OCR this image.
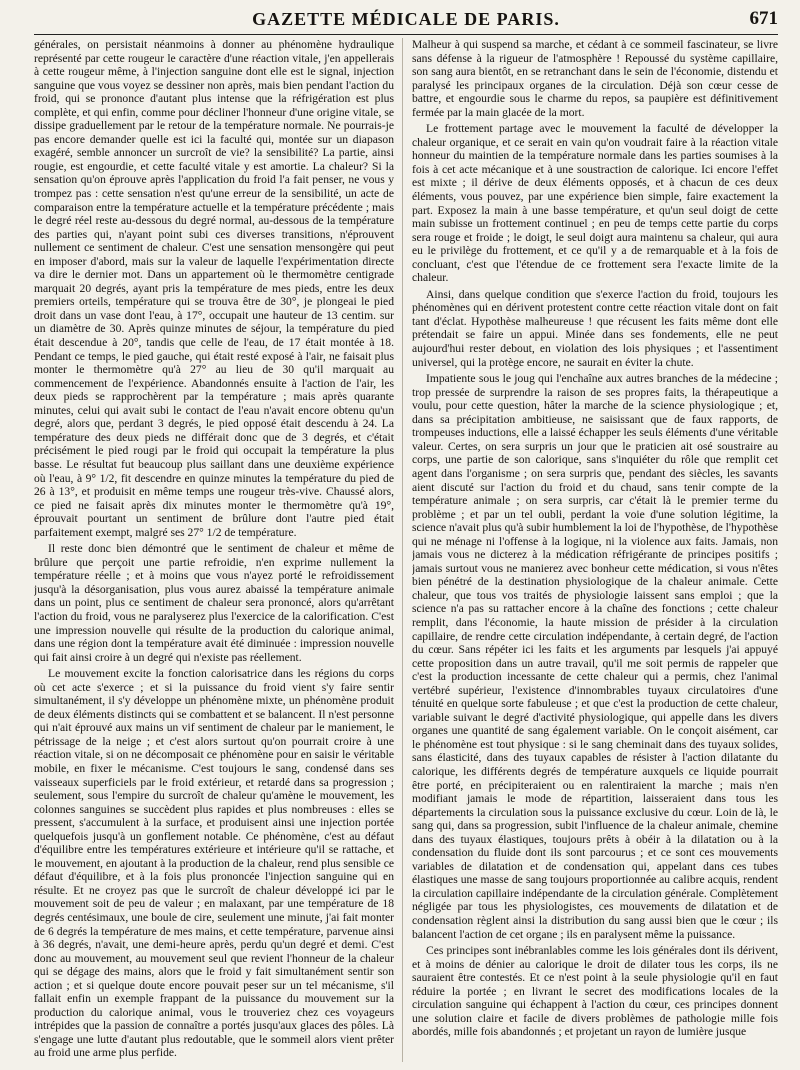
GAZETTE MÉDICALE DE PARIS.	671

générales, on persistait néanmoins à donner au phénomène hydraulique représenté par cette rougeur le caractère d'une réaction vitale, j'en appellerais à cette rougeur même, à l'injection sanguine dont elle est le signal, injection sanguine que vous voyez se dessiner non après, mais bien pendant l'action du froid, qui se prononce d'autant plus intense que la réfrigération est plus complète, et qui enfin, comme pour décliner l'honneur d'une origine vitale, se dissipe graduellement par le retour de la température normale. Ne pourrais-je pas encore demander quelle est ici la faculté qui, montée sur un diapason exagéré, semble annoncer un surcroît de vie? la sensibilité? La partie, ainsi rougie, est engourdie, et cette faculté vitale y est amortie. La chaleur? Si la sensation qu'on éprouve après l'application du froid l'a fait penser, ne vous y trompez pas : cette sensation n'est qu'une erreur de la sensibilité, un acte de comparaison entre la température actuelle et la température précédente ; mais le degré réel reste au-dessous du degré normal, au-dessous de la température des parties qui, n'ayant point subi ces diverses transitions, n'éprouvent nullement ce sentiment de chaleur. C'est une sensation mensongère qui peut en imposer d'abord, mais sur la valeur de laquelle l'expérimentation directe va dire le dernier mot. Dans un appartement où le thermomètre centigrade marquait 20 degrés, ayant pris la température de mes pieds, entre les deux premiers orteils, température qui se trouva être de 30°, je plongeai le pied droit dans un vase dont l'eau, à 17°, occupait une hauteur de 13 centim. sur un diamètre de 30. Après quinze minutes de séjour, la température du pied était descendue à 20°, tandis que celle de l'eau, de 17 était montée à 18. Pendant ce temps, le pied gauche, qui était resté exposé à l'air, ne faisait plus monter le thermomètre qu'à 27° au lieu de 30 qu'il marquait au commencement de l'expérience. Abandonnés ensuite à l'action de l'air, les deux pieds se rapprochèrent par la température ; mais après quarante minutes, celui qui avait subi le contact de l'eau n'avait encore obtenu qu'un degré, alors que, perdant 3 degrés, le pied opposé était descendu à 24. La température des deux pieds ne différait donc que de 3 degrés, et c'était précisément le pied rougi par le froid qui occupait la température la plus basse. Le résultat fut beaucoup plus saillant dans une deuxième expérience où l'eau, à 9° 1/2, fit descendre en quinze minutes la température du pied de 26 à 13°, et produisit en même temps une rougeur très-vive. Chaussé alors, ce pied ne faisait après dix minutes monter le thermomètre qu'à 19°, éprouvait pourtant un sentiment de brûlure dont l'autre pied était parfaitement exempt, malgré ses 27° 1/2 de température.

Il reste donc bien démontré que le sentiment de chaleur et même de brûlure que perçoit une partie refroidie, n'en exprime nullement la température réelle ; et à moins que vous n'ayez porté le refroidissement jusqu'à la désorganisation, plus vous aurez abaissé la température animale dans un point, plus ce sentiment de chaleur sera prononcé, alors qu'arrêtant l'action du froid, vous ne paralyserez plus l'exercice de la calorification. C'est une impression nouvelle qui résulte de la production du calorique animal, dans une région dont la température avait été diminuée : impression nouvelle qui fait ainsi croire à un degré qui n'existe pas réellement.

Le mouvement excite la fonction calorisatrice dans les régions du corps où cet acte s'exerce ; et si la puissance du froid vient s'y faire sentir simultanément, il s'y développe un phénomène mixte, un phénomène produit de deux éléments distincts qui se combattent et se balancent. Il n'est personne qui n'ait éprouvé aux mains un vif sentiment de chaleur par le maniement, le pétrissage de la neige ; et c'est alors surtout qu'on pourrait croire à une réaction vitale, si on ne décomposait ce phénomène pour en saisir le véritable mobile, en fixer le mécanisme. C'est toujours le sang, condensé dans ses vaisseaux superficiels par le froid extérieur, et retardé dans sa progression ; seulement, sous l'empire du surcroît de chaleur qu'amène le mouvement, les colonnes sanguines se succèdent plus rapides et plus nombreuses : elles se pressent, s'accumulent à la surface, et produisent ainsi une injection portée quelquefois jusqu'à un gonflement notable. Ce phénomène, c'est au défaut d'équilibre entre les températures extérieure et intérieure qu'il se rattache, et le mouvement, en ajoutant à la production de la chaleur, rend plus sensible ce défaut d'équilibre, et à la fois plus prononcée l'injection sanguine qui en résulte. Et ne croyez pas que le surcroît de chaleur développé ici par le mouvement soit de peu de valeur ; en malaxant, par une température de 18 degrés centésimaux, une boule de cire, seulement une minute, j'ai fait monter de 6 degrés la température de mes mains, et cette température, parvenue ainsi à 36 degrés, n'avait, une demi-heure après, perdu qu'un degré et demi. C'est donc au mouvement, au mouvement seul que revient l'honneur de la chaleur qui se dégage des mains, alors que le froid y fait simultanément sentir son action ; et si quelque doute encore pouvait peser sur un tel mécanisme, s'il fallait enfin un exemple frappant de la puissance du mouvement sur la production du calorique animal, vous le trouveriez chez ces voyageurs intrépides que la passion de connaître a portés jusqu'aux glaces des pôles. Là s'engage une lutte d'autant plus redoutable, que le sommeil alors vient prêter au froid une arme plus perfide.

Malheur à qui suspend sa marche, et cédant à ce sommeil fascinateur, se livre sans défense à la rigueur de l'atmosphère ! Repoussé du système capillaire, son sang aura bientôt, en se retranchant dans le sein de l'économie, distendu et paralysé les principaux organes de la circulation. Déjà son cœur cesse de battre, et engourdie sous le charme du repos, sa paupière est définitivement fermée par la main glacée de la mort.

Le frottement partage avec le mouvement la faculté de développer la chaleur organique, et ce serait en vain qu'on voudrait faire à la réaction vitale honneur du maintien de la température normale dans les parties soumises à la fois à cet acte mécanique et à une soustraction de calorique. Ici encore l'effet est mixte ; il dérive de deux éléments opposés, et à chacun de ces deux éléments, vous pouvez, par une expérience bien simple, faire exactement la part. Exposez la main à une basse température, et qu'un seul doigt de cette main subisse un frottement continuel ; en peu de temps cette partie du corps sera rouge et froide ; le doigt, le seul doigt aura maintenu sa chaleur, qui aura eu le privilège du frottement, et ce qu'il y a de remarquable et à la fois de concluant, c'est que l'étendue de ce frottement sera l'exacte limite de la chaleur.

Ainsi, dans quelque condition que s'exerce l'action du froid, toujours les phénomènes qui en dérivent protestent contre cette réaction vitale dont on fait tant d'éclat. Hypothèse malheureuse ! que récusent les faits même dont elle prétendait se faire un appui. Minée dans ses fondements, elle ne peut aujourd'hui rester debout, en violation des lois physiques ; et l'assentiment universel, qui la protège encore, ne saurait en éviter la chute.

Impatiente sous le joug qui l'enchaîne aux autres branches de la médecine ; trop pressée de surprendre la raison de ses propres faits, la thérapeutique a voulu, pour cette question, hâter la marche de la science physiologique ; et, dans sa précipitation ambitieuse, ne saisissant que de faux rapports, de trompeuses inductions, elle a laissé échapper les seuls éléments d'une véritable valeur. Certes, on sera surpris un jour que le praticien ait osé soustraire au corps, une partie de son calorique, sans s'inquiéter du rôle que remplit cet agent dans l'organisme ; on sera surpris que, pendant des siècles, les savants aient discuté sur l'action du froid et du chaud, sans tenir compte de la température animale ; on sera surpris, car c'était là le premier terme du problème ; et par un tel oubli, perdant la voie d'une solution légitime, la science n'avait plus qu'à subir humblement la loi de l'hypothèse, de l'hypothèse qui ne ménage ni l'offense à la logique, ni la violence aux faits. Jamais, non jamais vous ne dicterez à la médication réfrigérante de principes positifs ; jamais surtout vous ne manierez avec bonheur cette médication, si vous n'êtes bien pénétré de la destination physiologique de la chaleur animale. Cette chaleur, que tous vos traités de physiologie laissent sans emploi ; que la science n'a pas su rattacher encore à la chaîne des fonctions ; cette chaleur remplit, dans l'économie, la haute mission de présider à la circulation capillaire, de rendre cette circulation indépendante, à certain degré, de l'action du cœur. Sans répéter ici les faits et les arguments par lesquels j'ai appuyé cette proposition dans un autre travail, qu'il me soit permis de rappeler que c'est la production incessante de cette chaleur qui a permis, chez l'animal vertébré supérieur, l'existence d'innombrables tuyaux circulatoires d'une ténuité en quelque sorte fabuleuse ; et que c'est la production de cette chaleur, variable suivant le degré d'activité physiologique, qui appelle dans les divers organes une quantité de sang également variable. On le conçoit aisément, car le phénomène est tout physique : si le sang cheminait dans des tuyaux solides, sans élasticité, dans des tuyaux capables de résister à l'action dilatante du calorique, les différents degrés de température auxquels ce liquide pourrait être porté, en précipiteraient ou en ralentiraient la marche ; mais n'en modifiant jamais le mode de répartition, laisseraient dans tous les départements la circulation sous la puissance exclusive du cœur. Loin de là, le sang qui, dans sa progression, subit l'influence de la chaleur animale, chemine dans des tuyaux élastiques, toujours prêts à obéir à la dilatation ou à la condensation du fluide dont ils sont parcourus ; et ce sont ces mouvements variables de dilatation et de condensation qui, appelant dans ces tubes élastiques une masse de sang toujours proportionnée au calibre acquis, rendent la circulation capillaire indépendante de la circulation générale. Complètement négligée par tous les physiologistes, ces mouvements de dilatation et de condensation règlent ainsi la distribution du sang aussi bien que le cœur ; ils balancent l'action de cet organe ; ils en paralysent même la puissance.

Ces principes sont inébranlables comme les lois générales dont ils dérivent, et à moins de dénier au calorique le droit de dilater tous les corps, ils ne sauraient être contestés. Et ce n'est point à la seule physiologie qu'il en faut réduire la portée ; en livrant le secret des modifications locales de la circulation sanguine qui échappent à l'action du cœur, ces principes donnent une solution claire et facile de divers problèmes de pathologie mille fois abordés, mille fois abandonnés ; et projetant un rayon de lumière jusque
